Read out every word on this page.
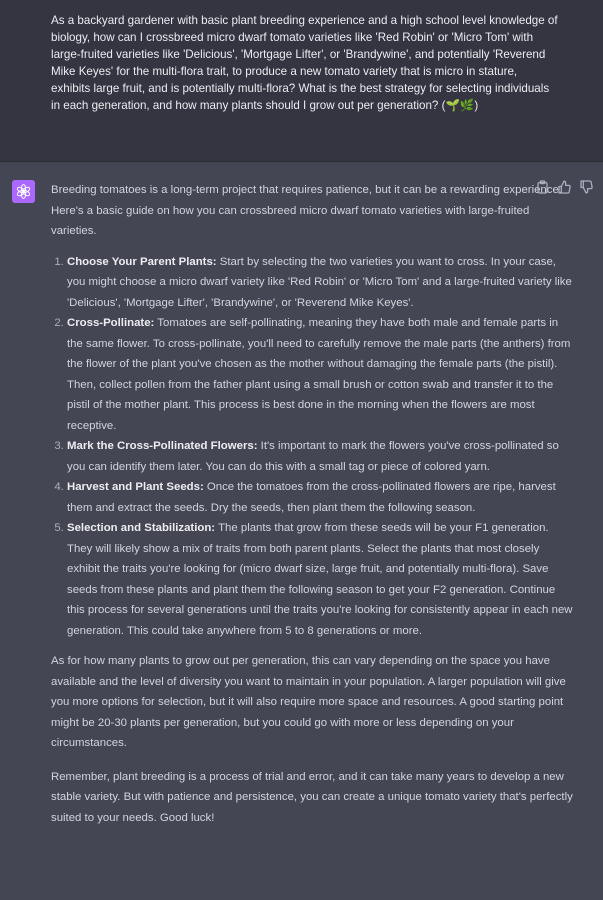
As a backyard gardener with basic plant breeding experience and a high school level knowledge of biology, how can I crossbreed micro dwarf tomato varieties like 'Red Robin' or 'Micro Tom' with large-fruited varieties like 'Delicious', 'Mortgage Lifter', or 'Brandywine', and potentially 'Reverend Mike Keyes' for the multi-flora trait, to produce a new tomato variety that is micro in stature, exhibits large fruit, and is potentially multi-flora? What is the best strategy for selecting individuals in each generation, and how many plants should I grow out per generation? (🌱🌿)

Breeding tomatoes is a long-term project that requires patience, but it can be a rewarding experience. Here's a basic guide on how you can crossbreed micro dwarf tomato varieties with large-fruited varieties.

1. Choose Your Parent Plants: Start by selecting the two varieties you want to cross. In your case, you might choose a micro dwarf variety like 'Red Robin' or 'Micro Tom' and a large-fruited variety like 'Delicious', 'Mortgage Lifter', 'Brandywine', or 'Reverend Mike Keyes'.
2. Cross-Pollinate: Tomatoes are self-pollinating, meaning they have both male and female parts in the same flower. To cross-pollinate, you'll need to carefully remove the male parts (the anthers) from the flower of the plant you've chosen as the mother without damaging the female parts (the pistil). Then, collect pollen from the father plant using a small brush or cotton swab and transfer it to the pistil of the mother plant. This process is best done in the morning when the flowers are most receptive.
3. Mark the Cross-Pollinated Flowers: It's important to mark the flowers you've cross-pollinated so you can identify them later. You can do this with a small tag or piece of colored yarn.
4. Harvest and Plant Seeds: Once the tomatoes from the cross-pollinated flowers are ripe, harvest them and extract the seeds. Dry the seeds, then plant them the following season.
5. Selection and Stabilization: The plants that grow from these seeds will be your F1 generation. They will likely show a mix of traits from both parent plants. Select the plants that most closely exhibit the traits you're looking for (micro dwarf size, large fruit, and potentially multi-flora). Save seeds from these plants and plant them the following season to get your F2 generation. Continue this process for several generations until the traits you're looking for consistently appear in each new generation. This could take anywhere from 5 to 8 generations or more.

As for how many plants to grow out per generation, this can vary depending on the space you have available and the level of diversity you want to maintain in your population. A larger population will give you more options for selection, but it will also require more space and resources. A good starting point might be 20-30 plants per generation, but you could go with more or less depending on your circumstances.

Remember, plant breeding is a process of trial and error, and it can take many years to develop a new stable variety. But with patience and persistence, you can create a unique tomato variety that's perfectly suited to your needs. Good luck!
